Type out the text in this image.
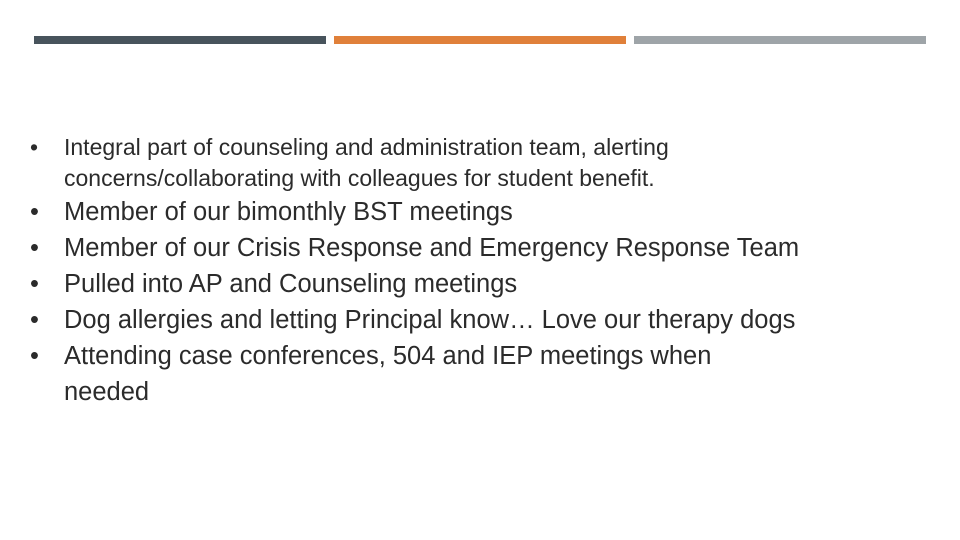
•	Integral part of counseling and administration team, alerting concerns/collaborating with colleagues for student benefit.
• Member of our bimonthly BST meetings
• Member of our Crisis Response and Emergency Response Team
• Pulled into AP and Counseling meetings
• Dog allergies and letting Principal know… Love our therapy dogs
• Attending case conferences, 504 and IEP meetings when needed
